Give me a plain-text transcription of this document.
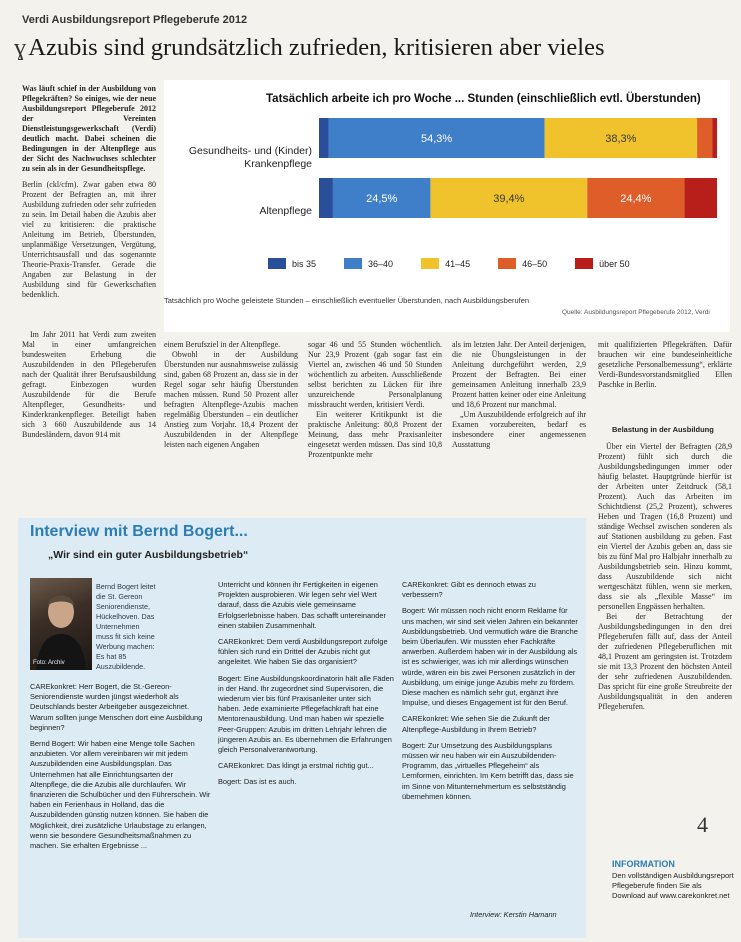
Verdi Ausbildungsreport Pflegeberufe 2012
ɣAzubis sind grundsätzlich zufrieden, kritisieren aber vieles

Was läuft schief in der Ausbildung von Pflegekräften? So einiges, wie der neue Ausbildungsreport Pflegeberufe 2012 der Vereinten Dienstleistungsgewerkschaft (Verdi) deutlich macht. Dabei scheinen die Bedingungen in der Altenpflege aus der Sicht des Nachwuchses schlechter zu sein als in der Gesundheitspflege.

Berlin (ckl/cfm). Zwar gaben etwa 80 Prozent der Befragten an, mit ihrer Ausbildung zufrieden oder sehr zufrieden zu sein. Im Detail haben die Azubis aber viel zu kritisieren: die praktische Anleitung im Betrieb, Überstunden, unplanmäßige Versetzungen, Vergütung, Unterrichtsausfall und das sogenannte Theorie-Praxis-Transfer. Gerade die Angaben zur Belastung in der Ausbildung sind für Gewerkschaften bedenklich.

Im Jahr 2011 hat Verdi zum zweiten Mal in einer umfangreichen bundesweiten Erhebung die Auszubildenden in den Pflegeberufen nach der Qualität ihrer Berufsausbildung gefragt. Einbezogen wurden Auszubildende für die Berufe Altenpfleger, Gesundheits- und Kinderkrankenpfleger. Beteiligt haben sich 3 660 Auszubildende aus 14 Bundesländern, davon 914 mit

54,3%	38,3%
24,5%	39,4%	24,4%
Tatsächlich arbeite ich pro Woche ... Stunden (einschließlich evtl. Überstunden)
Gesundheits- und (Kinder) Krankenpflege
Altenpflege
bis 35	36–40	41–45	46–50	über 50
Tatsächlich pro Woche geleistete Stunden – einschließlich eventueller Überstunden, nach Ausbildungsberufen
Quelle: Ausbildungsreport Pflegeberufe 2012, Verdi

einem Berufsziel in der Altenpflege.

Obwohl in der Ausbildung Überstunden nur ausnahmsweise zulässig sind, gaben 68 Prozent an, dass sie in der Regel sogar sehr häufig Überstunden machen müssen. Rund 50 Prozent aller befragten Altenpflege-Azubis machen regelmäßig Überstunden – ein deutlicher Anstieg zum Vorjahr. 18,4 Prozent der Auszubildenden in der Altenpflege leisten nach eigenen Angaben

sogar 46 und 55 Stunden wöchentlich. Nur 23,9 Prozent (gab sogar fast ein Viertel an, zwischen 46 und 50 Stunden wöchentlich zu arbeiten. Ausschließende selbst berichten zu Lücken für ihre unzureichende Personalplanung missbraucht werden, kritisiert Verdi.

Ein weiterer Kritikpunkt ist die praktische Anleitung: 80,8 Prozent der Meinung, dass mehr Praxisanleiter eingesetzt werden müssen. Das sind 10,8 Prozentpunkte mehr

als im letzten Jahr. Der Anteil derjenigen, die nie Übungsleistungen in der Anleitung durchgeführt werden, 2,9 Prozent der Befragten. Bei einer gemeinsamen Anleitung innerhalb 23,9 Prozent hatten keiner oder eine Anleitung und 18,6 Prozent nur manchmal.

„Um Auszubildende erfolgreich auf ihr Examen vorzubereiten, bedarf es insbesondere einer angemessenen Ausstattung

mit qualifizierten Pflegekräften. Dafür brauchen wir eine bundeseinheitliche gesetzliche Personalbemessung“, erklärte Verdi-Bundesvorstandsmitglied Ellen Paschke in Berlin.

Belastung in der Ausbildung

Über ein Viertel der Befragten (28,9 Prozent) fühlt sich durch die Ausbildungsbedingungen immer oder häufig belastet. Hauptgründe hierfür ist der Arbeiten unter Zeitdruck (58,1 Prozent). Auch das Arbeiten im Schichtdienst (25,2 Prozent), schweres Heben und Tragen (16,8 Prozent) und ständige Wechsel zwischen sonderen als auf Stationen ausbildung zu geben. Fast ein Viertel der Azubis geben an, dass sie bis zu fünf Mal pro Halbjahr innerhalb zu Ausbildungsbetrieb sein. Hinzu kommt, dass Auszubildende sich nicht wertgeschätzt fühlen, wenn sie merken, dass sie als „flexible Masse“ im personellen Engpässen herhalten.

Bei der Betrachtung der Ausbildungsbedingungen in den drei Pflegeberufen fällt auf, dass der Anteil der zufriedenen Pflegeberuflichen mit 48,1 Prozent am geringsten ist. Trotzdem sie mit 13,3 Prozent den höchsten Anteil der sehr zufriedenen Auszubildenden. Das spricht für eine große Streubreite der Ausbildungsqualität in den anderen Pflegeberufen.

Interview mit Bernd Bogert...
„Wir sind ein guter Ausbildungsbetrieb“
Foto: Archiv
Bernd Bogert leitet die St. Gereon Seniorendienste, Hückelhoven. Das Unternehmen muss fit sich keine Werbung machen: Es hat 85 Auszubildende.

CAREkonkret: Herr Bogert, die St.-Gereon-Seniorendienste wurden jüngst wiederholt als Deutschlands bester Arbeitgeber ausgezeichnet. Warum sollten junge Menschen dort eine Ausbildung beginnen?

Bernd Bogert: Wir haben eine Menge tolle Sachen anzubieten. Vor allem vereinbaren wir mit jedem Auszubildenden eine Ausbildungsplan. Das Unternehmen hat alle Einrichtungsarten der Altenpflege, die die Azubis alle durchlaufen. Wir finanzieren die Schulbücher und den Führerschein. Wir haben ein Ferienhaus in Holland, das die Auszubildenden günstig nutzen können. Sie haben die Möglichkeit, drei zusätzliche Urlaubstage zu erlangen, wenn sie besondere Gesundheitsmaßnahmen zu machen. Sie erhalten Ergebnisse ...

Unterricht und können ihr Fertigkeiten in eigenen Projekten ausprobieren. Wir legen sehr viel Wert darauf, dass die Azubis viele gemeinsame Erfolgserlebnisse haben. Das schafft untereinander einen stabilen Zusammenhalt.

CAREkonkret: Dem verdi Ausbildungsreport zufolge fühlen sich rund ein Drittel der Azubis nicht gut angeleitet. Wie haben Sie das organisiert?

Bogert: Eine Ausbildungskoordinatorin hält alle Fäden in der Hand. Ihr zugeordnet sind Supervisoren, die wiederum vier bis fünf Praxisanleiter unter sich haben. Jede examinierte Pflegefachkraft hat eine Mentorenausbildung. Und man haben wir spezielle Peer-Gruppen: Azubis im dritten Lehrjahr lehren die jüngeren Azubis an. Es übernehmen die Erfahrungen gleich Personalverantwortung.

CAREkonkret: Das klingt ja erstmal richtig gut...

Bogert: Das ist es auch.

CAREkonkret: Gibt es dennoch etwas zu verbessern?

Bogert: Wir müssen noch nicht enorm Reklame für uns machen, wir sind seit vielen Jahren ein bekannter Ausbildungsbetrieb. Und vermutlich wäre die Branche beim Überlaufen. Wir mussten eher Fachkräfte anwerben. Außerdem haben wir in der Ausbildung als ist es schwieriger, was ich mir allerdings wünschen würde, wären ein bis zwei Personen zusätzlich in der Ausbildung, um einige junge Azubis mehr zu fördern. Diese machen es nämlich sehr gut, ergänzt ihre Impulse, und dieses Engagement ist für den Beruf.

CAREkonkret: Wie sehen Sie die Zukunft der Altenpflege-Ausbildung in Ihrem Betrieb?

Bogert: Zur Umsetzung des Ausbildungsplans müssen wir neu haben wir ein Auszubildenden-Programm, das „virtuelles Pflegeheim“ als Lernformen, einrichten. Im Kern betrifft das, dass sie im Sinne von Mitunternehmertum es selbstständig übernehmen können.

Interview: Kerstin Hamann
4
INFORMATION
Den vollständigen Ausbildungsreport Pflegeberufe finden Sie als Download auf www.carekonkret.net
